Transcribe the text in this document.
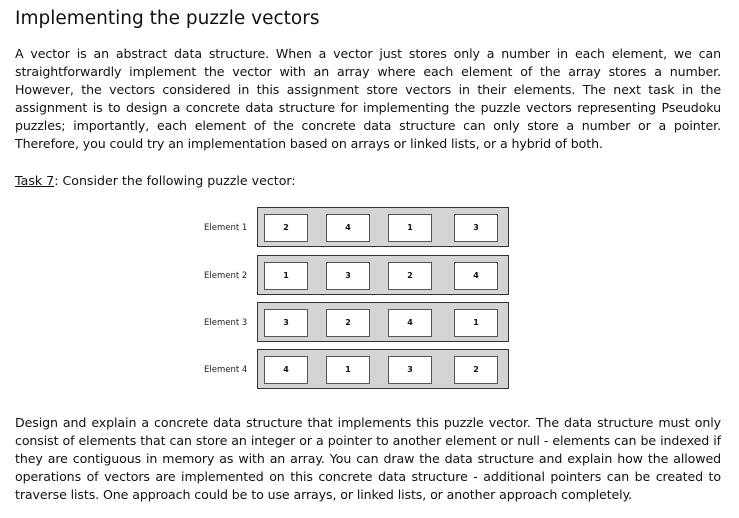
Implementing the puzzle vectors

A vector is an abstract data structure. When a vector just stores only a number in each element, we can straightforwardly implement the vector with an array where each element of the array stores a number. However, the vectors considered in this assignment store vectors in their elements. The next task in the assignment is to design a concrete data structure for implementing the puzzle vectors representing Pseudoku puzzles; importantly, each element of the concrete data structure can only store a number or a pointer. Therefore, you could try an implementation based on arrays or linked lists, or a hybrid of both.

Task 7: Consider the following puzzle vector:

Element 1	2	4	1	3
Element 2	1	3	2	4
Element 3	3	2	4	1
Element 4	4	1	3	2

Design and explain a concrete data structure that implements this puzzle vector. The data structure must only consist of elements that can store an integer or a pointer to another element or null - elements can be indexed if they are contiguous in memory as with an array. You can draw the data structure and explain how the allowed operations of vectors are implemented on this concrete data structure - additional pointers can be created to traverse lists. One approach could be to use arrays, or linked lists, or another approach completely.
